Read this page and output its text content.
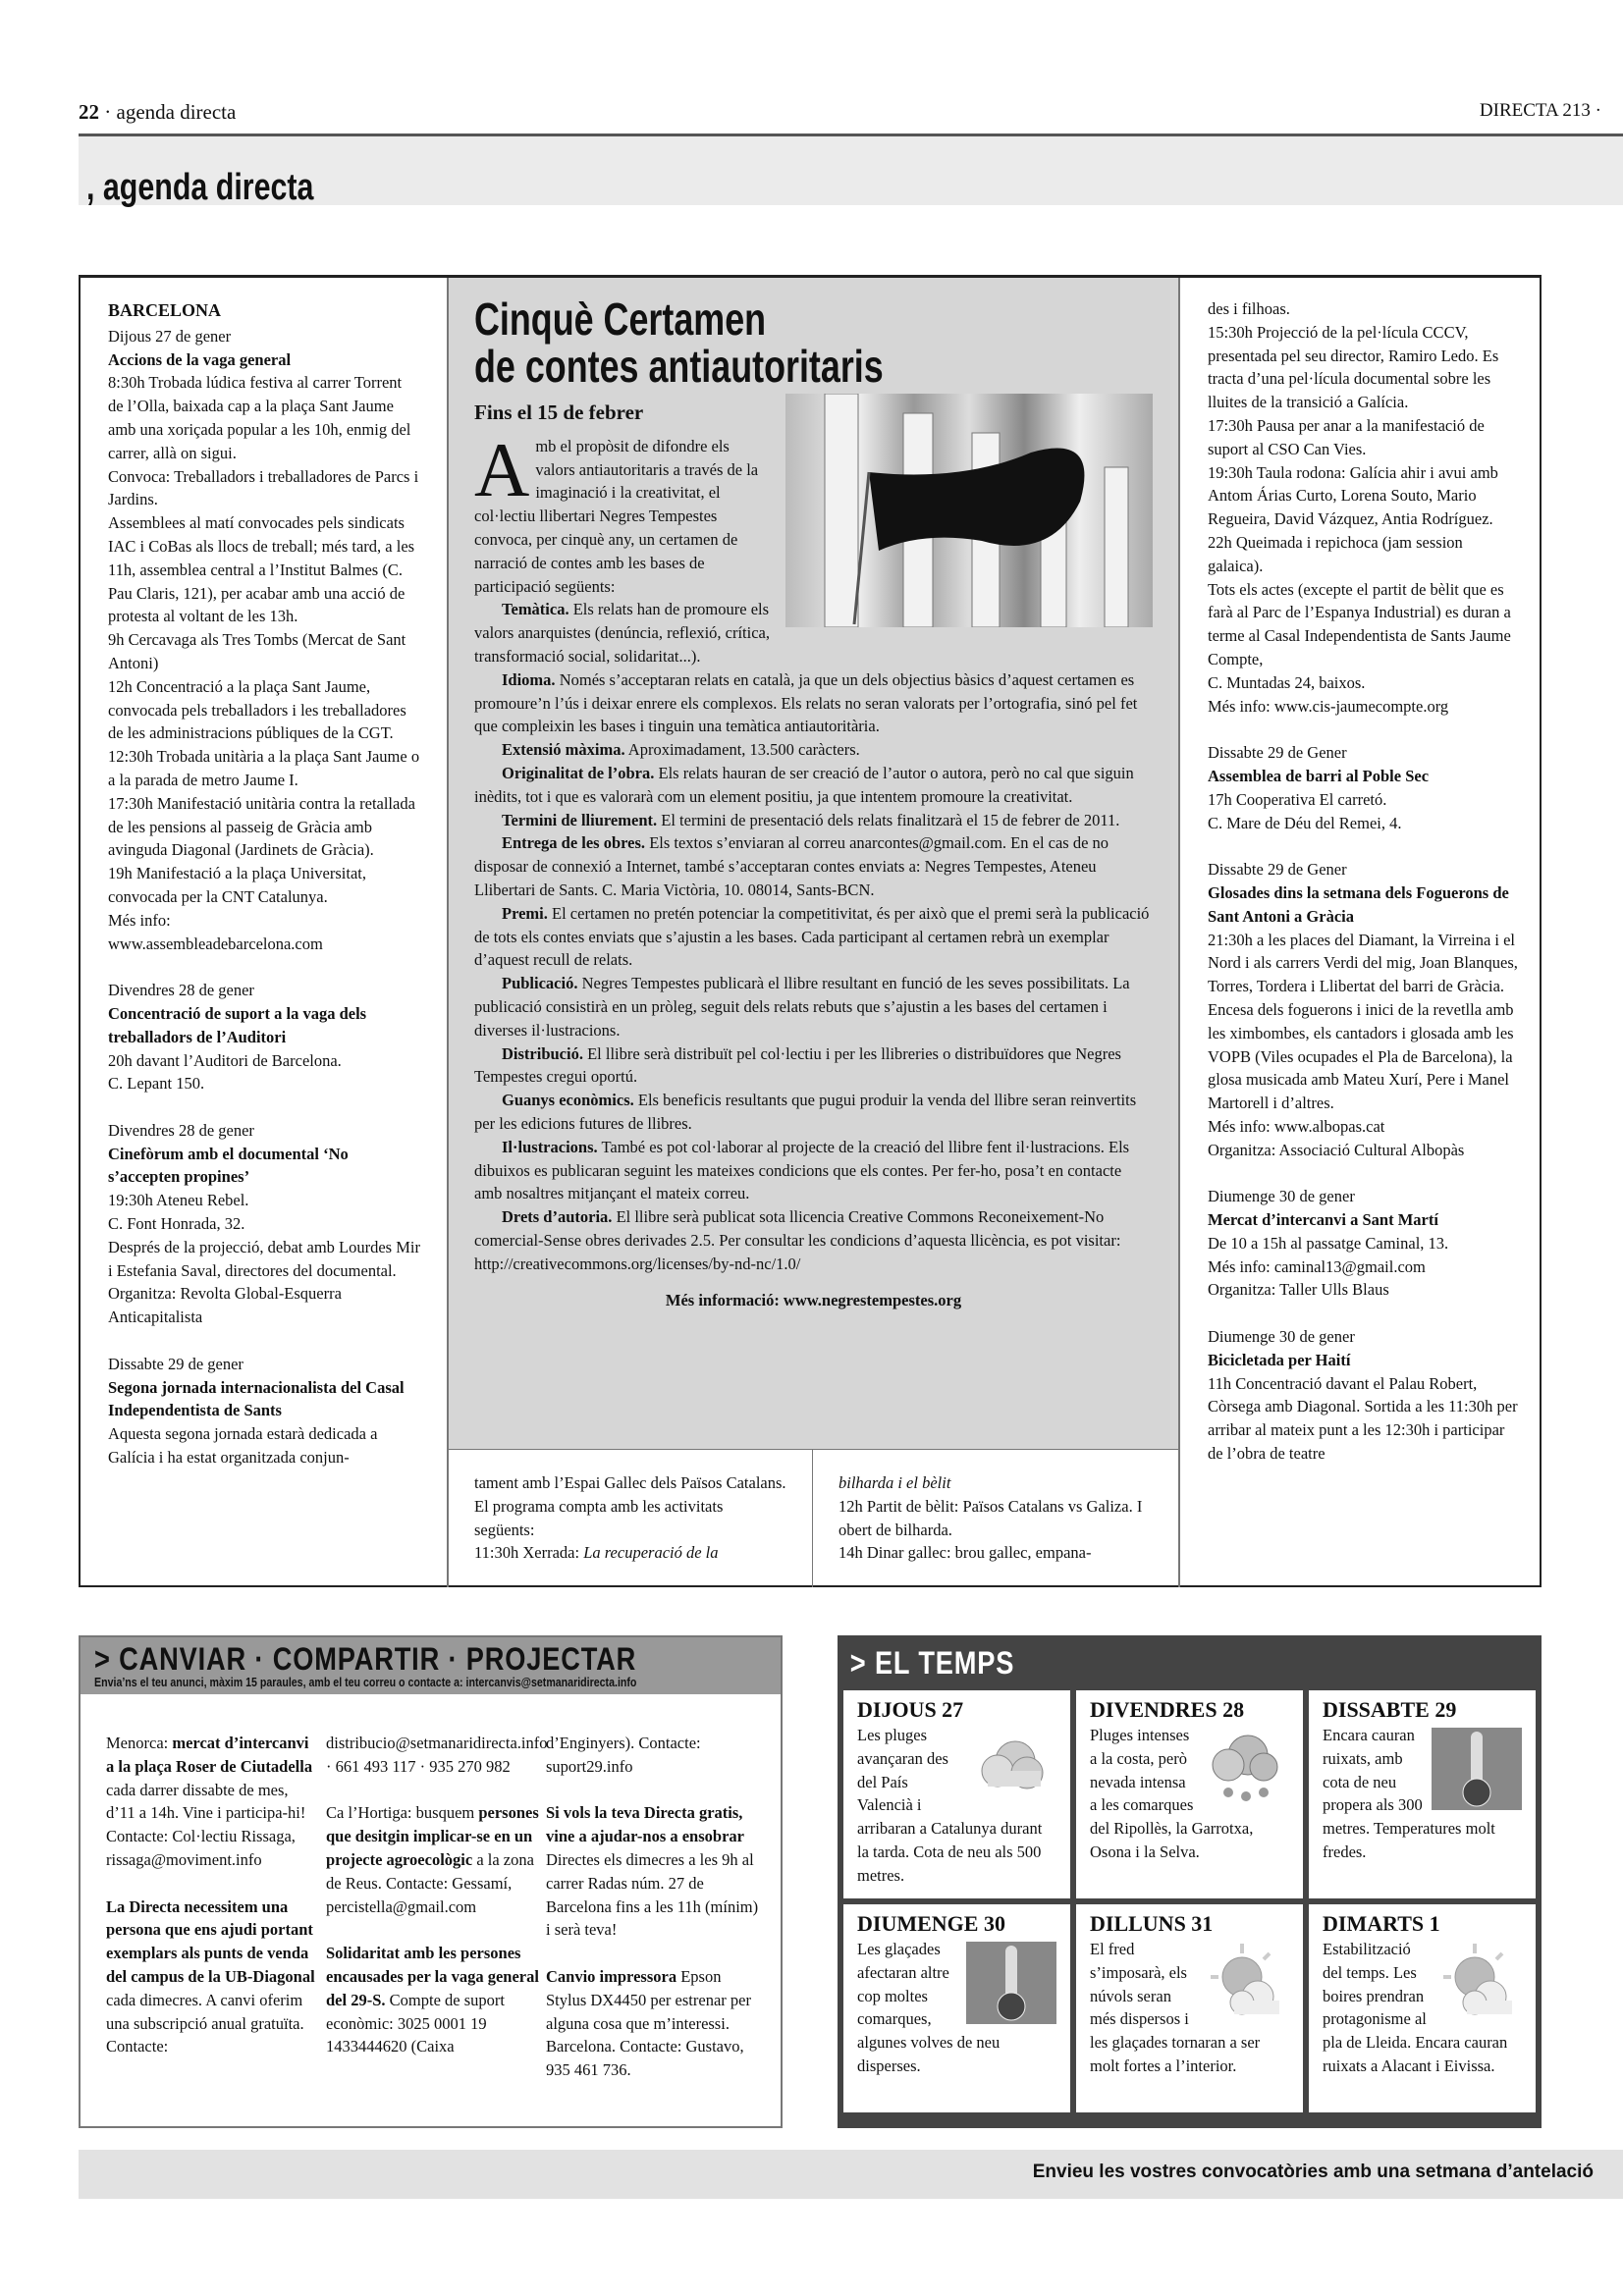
22 · agenda directa	DIRECTA 213 ·
, agenda directa
BARCELONA
Dijous 27 de gener
Accions de la vaga general
8:30h Trobada lúdica festiva al carrer Torrent de l’Olla, baixada cap a la plaça Sant Jaume amb una xoriçada popular a les 10h, enmig del carrer, allà on sigui.
Convoca: Treballadors i treballadores de Parcs i Jardins.
Assemblees al matí convocades pels sindicats IAC i CoBas als llocs de treball; més tard, a les 11h, assemblea central a l’Institut Balmes (C. Pau Claris, 121), per acabar amb una acció de protesta al voltant de les 13h.
9h Cercavaga als Tres Tombs (Mercat de Sant Antoni)
12h Concentració a la plaça Sant Jaume, convocada pels treballadors i les treballadores de les administracions públiques de la CGT.
12:30h Trobada unitària a la plaça Sant Jaume o a la parada de metro Jaume I.
17:30h Manifestació unitària contra la retallada de les pensions al passeig de Gràcia amb avinguda Diagonal (Jardinets de Gràcia).
19h Manifestació a la plaça Universitat, convocada per la CNT Catalunya.
Més info:
www.assembleadebarcelona.com
Divendres 28 de gener
Concentració de suport a la vaga dels treballadors de l’Auditori
20h davant l’Auditori de Barcelona.
C. Lepant 150.
Divendres 28 de gener
Cinefòrum amb el documental ‘No s’accepten propines’
19:30h Ateneu Rebel.
C. Font Honrada, 32.
Després de la projecció, debat amb Lourdes Mir i Estefania Saval, directores del documental.
Organitza: Revolta Global-Esquerra Anticapitalista
Dissabte 29 de gener
Segona jornada internacionalista del Casal Independentista de Sants
Aquesta segona jornada estarà dedicada a Galícia i ha estat organitzada conjun-
Cinquè Certamen
de contes antiautoritaris
Fins el 15 de febrer
Amb el propòsit de difondre els valors antiautoritaris a través de la imaginació i la creativitat, el col·lectiu llibertari Negres Tempestes convoca, per cinquè any, un certamen de narració de contes amb les bases de participació següents:
Temàtica. Els relats han de promoure els valors anarquistes (denúncia, reflexió, crítica, transformació social, solidaritat...).
Idioma. Només s’acceptaran relats en català, ja que un dels objectius bàsics d’aquest certamen es promoure’n l’ús i deixar enrere els complexos. Els relats no seran valorats per l’ortografia, sinó pel fet que compleixin les bases i tinguin una temàtica antiautoritària.
Extensió màxima. Aproximadament, 13.500 caràcters.
Originalitat de l’obra. Els relats hauran de ser creació de l’autor o autora, però no cal que siguin inèdits, tot i que es valorarà com un element positiu, ja que intentem promoure la creativitat.
Termini de lliurement. El termini de presentació dels relats finalitzarà el 15 de febrer de 2011.
Entrega de les obres. Els textos s’enviaran al correu anarcontes@gmail.com. En el cas de no disposar de connexió a Internet, també s’acceptaran contes enviats a: Negres Tempestes, Ateneu Llibertari de Sants. C. Maria Victòria, 10. 08014, Sants-BCN.
Premi. El certamen no pretén potenciar la competitivitat, és per això que el premi serà la publicació de tots els contes enviats que s’ajustin a les bases. Cada participant al certamen rebrà un exemplar d’aquest recull de relats.
Publicació. Negres Tempestes publicarà el llibre resultant en funció de les seves possibilitats. La publicació consistirà en un pròleg, seguit dels relats rebuts que s’ajustin a les bases del certamen i diverses il·lustracions.
Distribució. El llibre serà distribuït pel col·lectiu i per les llibreries o distribuïdores que Negres Tempestes cregui oportú.
Guanys econòmics. Els beneficis resultants que pugui produir la venda del llibre seran reinvertits per les edicions futures de llibres.
Il·lustracions. També es pot col·laborar al projecte de la creació del llibre fent il·lustracions. Els dibuixos es publicaran seguint les mateixes condicions que els contes. Per fer-ho, posa’t en contacte amb nosaltres mitjançant el mateix correu.
Drets d’autoria. El llibre serà publicat sota llicencia Creative Commons Reconeixement-No comercial-Sense obres derivades 2.5. Per consultar les condicions d’aquesta llicència, es pot visitar: http://creativecommons.org/licenses/by-nd-nc/1.0/
Més informació: www.negrestempestes.org
tament amb l’Espai Gallec dels Països Catalans. El programa compta amb les activitats següents:
11:30h Xerrada: La recuperació de la
bilharda i el bèlit
12h Partit de bèlit: Països Catalans vs Galiza. I obert de bilharda.
14h Dinar gallec: brou gallec, empana-
des i filhoas.
15:30h Projecció de la pel·lícula CCCV, presentada pel seu director, Ramiro Ledo. Es tracta d’una pel·lícula documental sobre les lluites de la transició a Galícia.
17:30h Pausa per anar a la manifestació de suport al CSO Can Vies.
19:30h Taula rodona: Galícia ahir i avui amb Antom Árias Curto, Lorena Souto, Mario Regueira, David Vázquez, Antia Rodríguez.
22h Queimada i repichoca (jam session galaica).
Tots els actes (excepte el partit de bèlit que es farà al Parc de l’Espanya Industrial) es duran a terme al Casal Independentista de Sants Jaume Compte,
C. Muntadas 24, baixos.
Més info: www.cis-jaumecompte.org
Dissabte 29 de Gener
Assemblea de barri al Poble Sec
17h Cooperativa El carretó.
C. Mare de Déu del Remei, 4.
Dissabte 29 de Gener
Glosades dins la setmana dels Foguerons de Sant Antoni a Gràcia
21:30h a les places del Diamant, la Virreina i el Nord i als carrers Verdi del mig, Joan Blanques, Torres, Tordera i Llibertat del barri de Gràcia.
Encesa dels foguerons i inici de la revetlla amb les ximbombes, els cantadors i glosada amb les VOPB (Viles ocupades el Pla de Barcelona), la glosa musicada amb Mateu Xurí, Pere i Manel Martorell i d’altres.
Més info: www.albopas.cat
Organitza: Associació Cultural Albopàs
Diumenge 30 de gener
Mercat d’intercanvi a Sant Martí
De 10 a 15h al passatge Caminal, 13.
Més info: caminal13@gmail.com
Organitza: Taller Ulls Blaus
Diumenge 30 de gener
Bicicletada per Haití
11h Concentració davant el Palau Robert, Còrsega amb Diagonal. Sortida a les 11:30h per arribar al mateix punt a les 12:30h i participar de l’obra de teatre
> CANVIAR · COMPARTIR · PROJECTAR
Envia’ns el teu anunci, màxim 15 paraules, amb el teu correu o contacte a: intercanvis@setmanaridirecta.info

Menorca: mercat d’intercanvi a la plaça Roser de Ciutadella cada darrer dissabte de mes, d’11 a 14h. Vine i participa-hi! Contacte: Col·lectiu Rissaga, rissaga@moviment.info

La Directa necessitem una persona que ens ajudi portant exemplars als punts de venda del campus de la UB-Diagonal cada dimecres. A canvi oferim una subscripció anual gratuïta. Contacte:

distribucio@setmanaridirecta.info · 661 493 117 · 935 270 982

Ca l’Hortiga: busquem persones que desitgin implicar-se en un projecte agroecològic a la zona de Reus. Contacte: Gessamí, percistella@gmail.com

Solidaritat amb les persones encausades per la vaga general del 29-S. Compte de suport econòmic: 3025 0001 19 1433444620 (Caixa

d’Enginyers). Contacte: suport29.info

Si vols la teva Directa gratis, vine a ajudar-nos a ensobrar Directes els dimecres a les 9h al carrer Radas núm. 27 de Barcelona fins a les 11h (mínim) i serà teva!

Canvio impressora Epson Stylus DX4450 per estrenar per alguna cosa que m’interessi. Barcelona. Contacte: Gustavo, 935 461 736.

> EL TEMPS
DIJOUS 27
Les pluges avançaran des del País Valencià i arribaran a Catalunya durant la tarda. Cota de neu als 500 metres.
DIVENDRES 28
Pluges intenses a la costa, però nevada intensa a les comarques del Ripollès, la Garrotxa, Osona i la Selva.
DISSABTE 29
Encara cauran ruixats, amb cota de neu propera als 300 metres. Temperatures molt fredes.
DIUMENGE 30
Les glaçades afectaran altre cop moltes comarques, algunes volves de neu disperses.
DILLUNS 31
El fred s’imposarà, els núvols seran més dispersos i les glaçades tornaran a ser molt fortes a l’interior.
DIMARTS 1
Estabilització del temps. Les boires prendran protagonisme al pla de Lleida. Encara cauran ruixats a Alacant i Eivissa.
Envieu les vostres convocatòries amb una setmana d’antelació
